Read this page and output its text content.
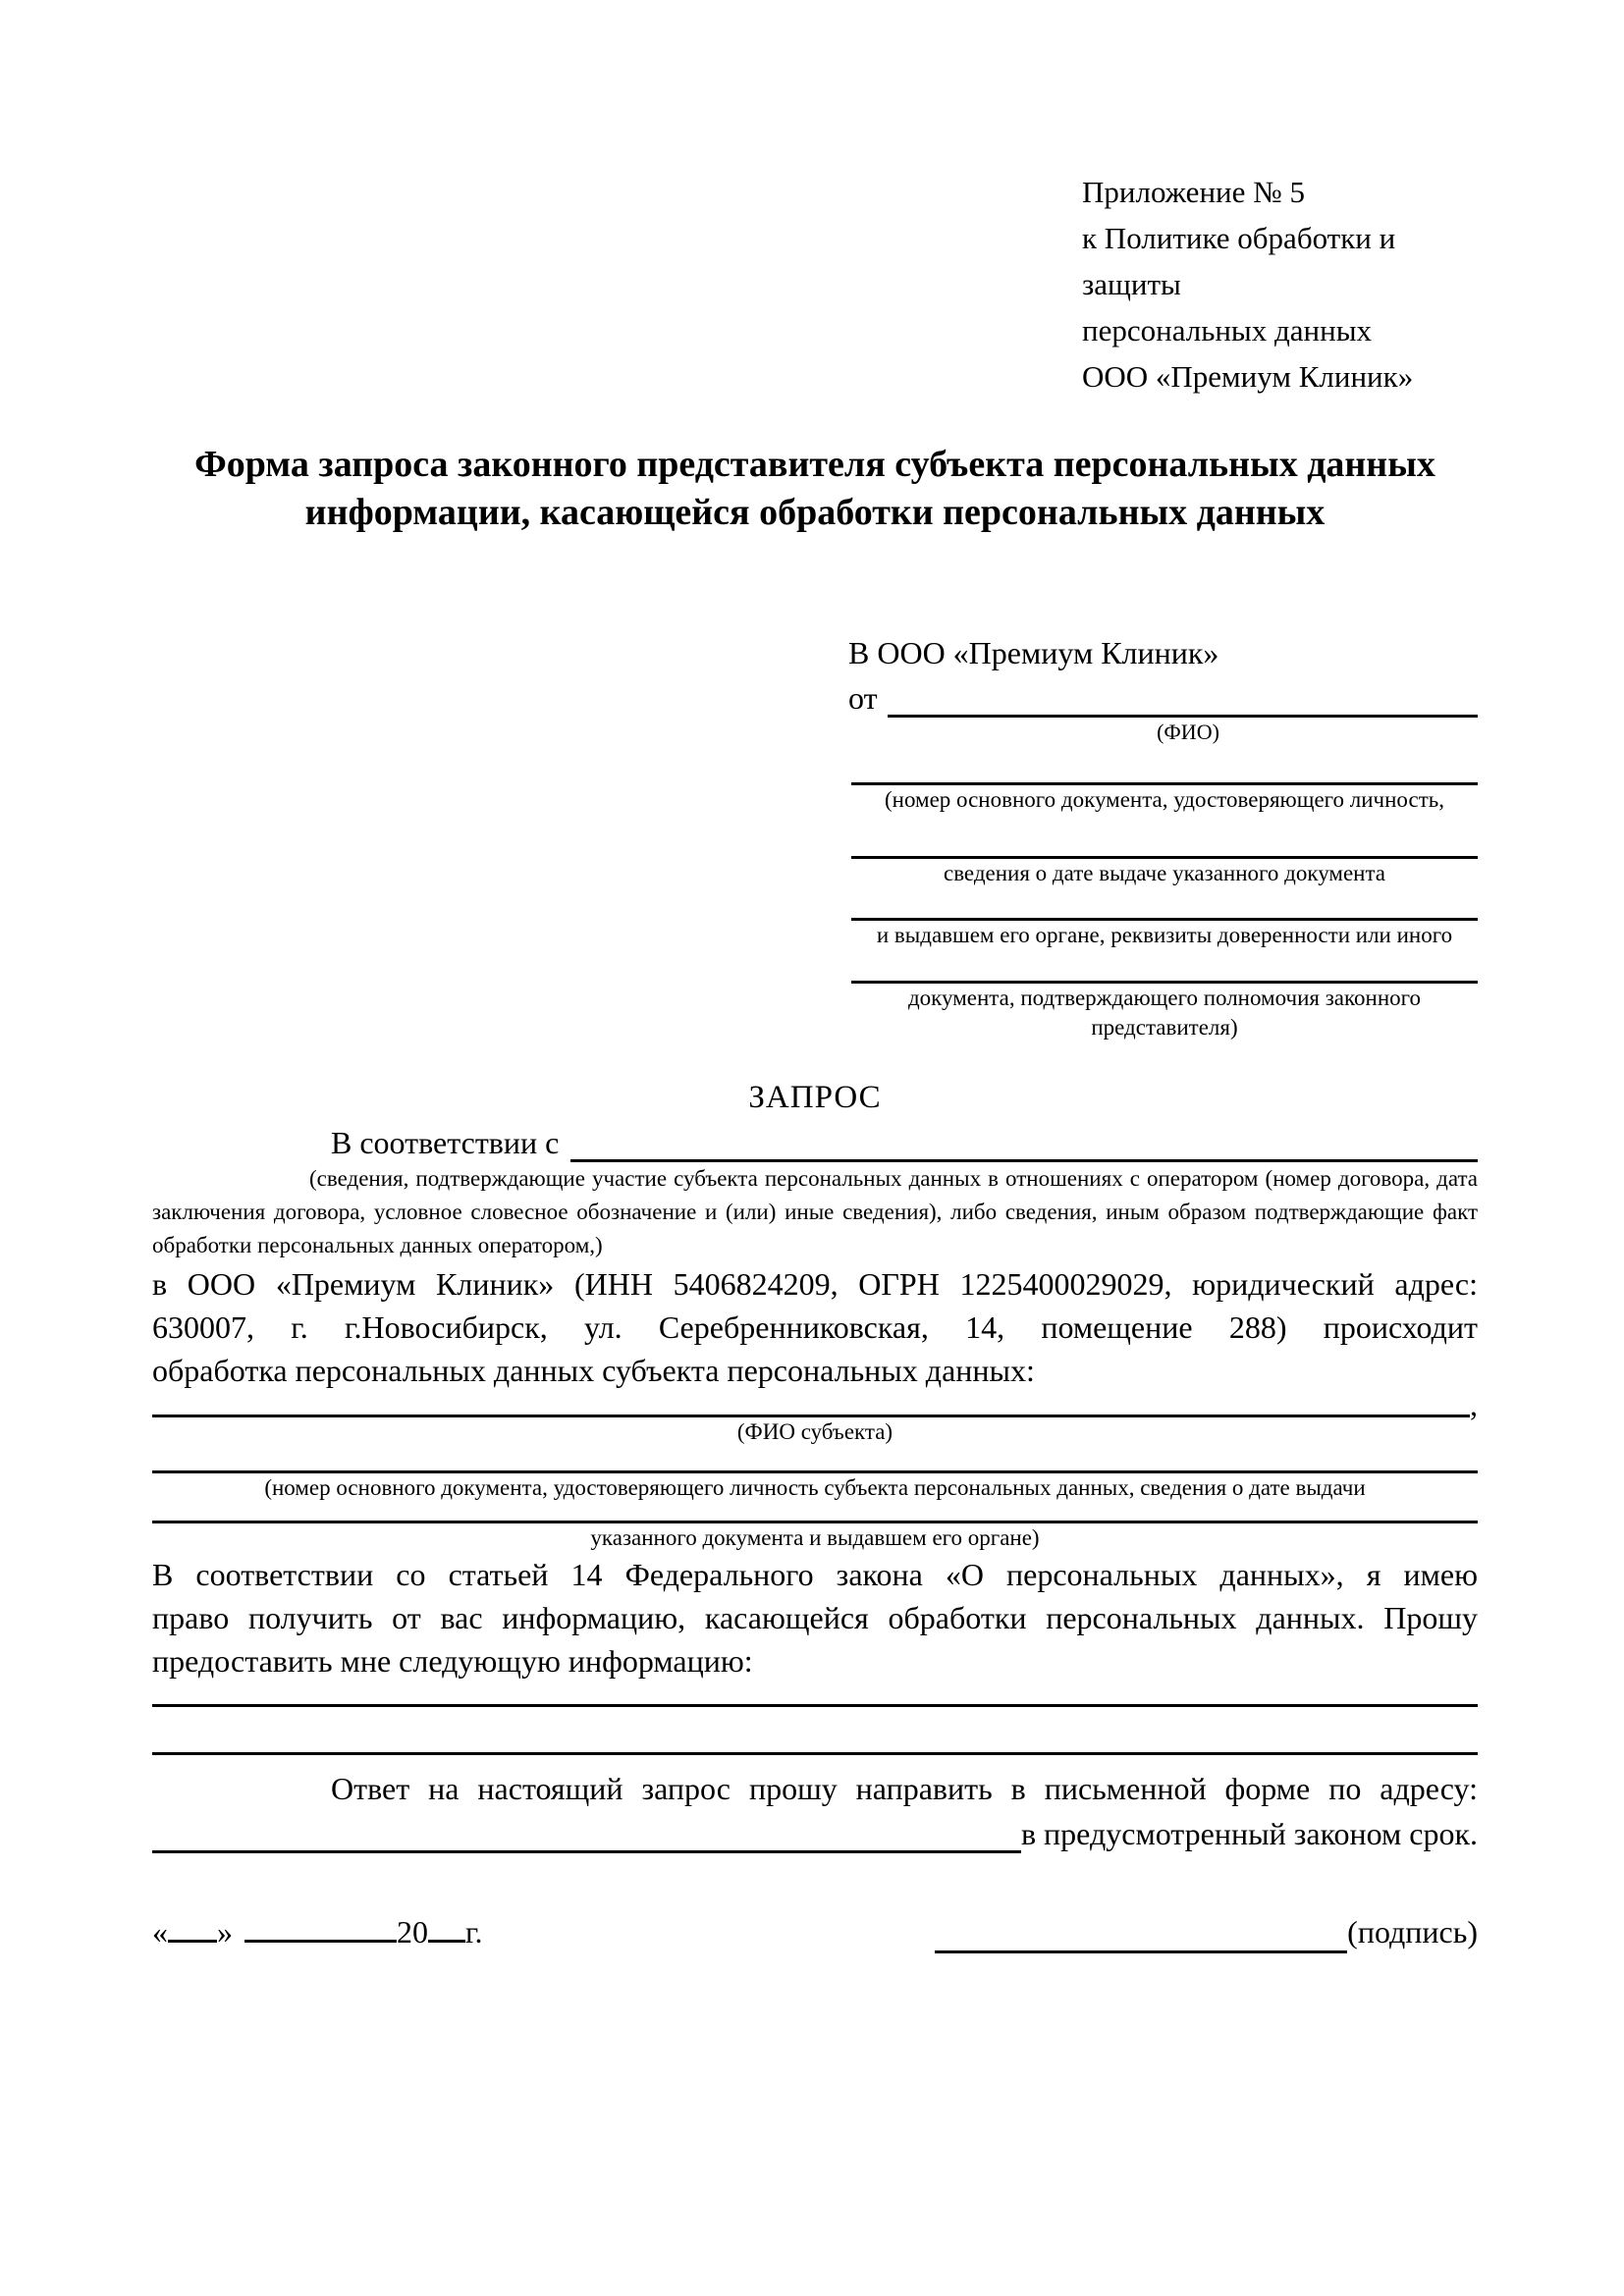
Приложение № 5
к Политике обработки и защиты
персональных данных
ООО «Премиум Клиник»
Форма запроса законного представителя субъекта персональных данных
информации, касающейся обработки персональных данных
В ООО «Премиум Клиник»
от
(ФИО)
(номер основного документа, удостоверяющего личность,
сведения о дате выдаче указанного документа
и выдавшем его органе, реквизиты доверенности или иного
документа, подтверждающего полномочия законного представителя)
ЗАПРОС
В соответствии с
(сведения, подтверждающие участие субъекта персональных данных в отношениях с оператором (номер договора, дата
заключения договора, условное словесное обозначение и (или) иные сведения), либо сведения, иным образом подтверждающие факт
обработки персональных данных оператором,)
в ООО «Премиум Клиник» (ИНН 5406824209, ОГРН 1225400029029, юридический адрес:
630007, г. г.Новосибирск, ул. Серебренниковская, 14, помещение 288) происходит
обработка персональных данных субъекта персональных данных:
,
(ФИО субъекта)
(номер основного документа, удостоверяющего личность субъекта персональных данных, сведения о дате выдачи
указанного документа и выдавшем его органе)
В соответствии со статьей 14 Федерального закона «О персональных данных», я имею
право получить от вас информацию, касающейся обработки персональных данных. Прошу
предоставить мне следующую информацию:
Ответ на настоящий запрос прошу направить в письменной форме по адресу:
в предусмотренный законом срок.
« »	20 г.	(подпись)
